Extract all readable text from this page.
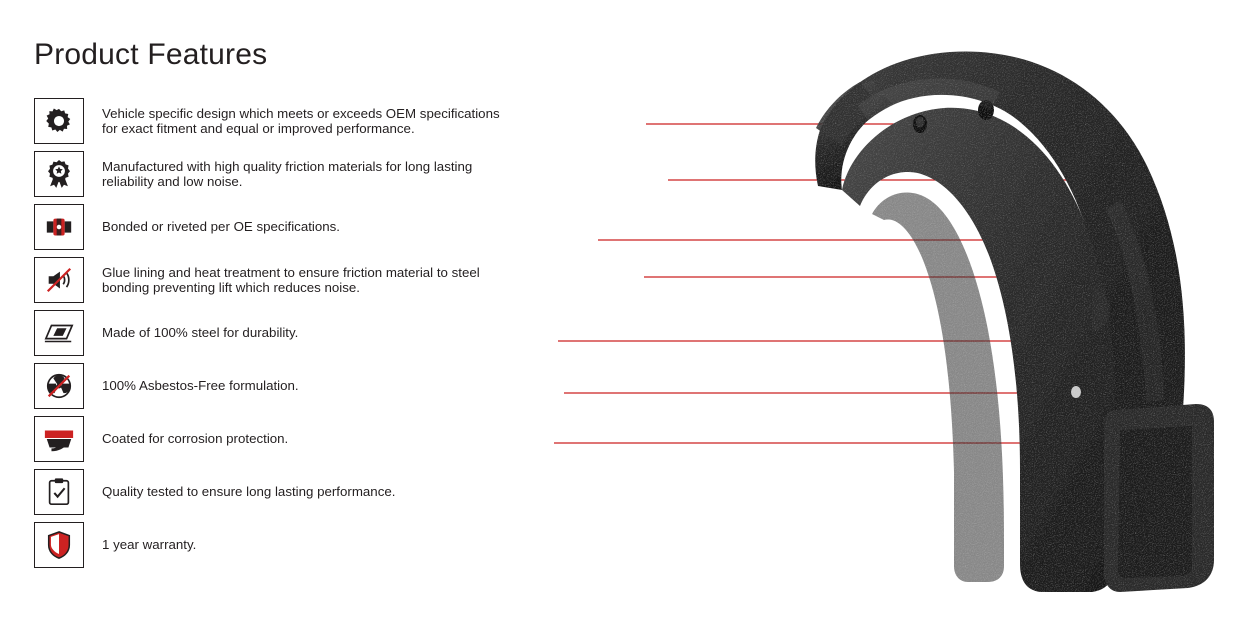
Product Features
Vehicle specific design which meets or exceeds OEM specifications for exact fitment and equal or improved performance.
Manufactured with high quality friction materials for long lasting reliability and low noise.
Bonded or riveted per OE specifications.
Glue lining and heat treatment to ensure friction material to steel bonding preventing lift which reduces noise.
Made of 100% steel for durability.
100% Asbestos-Free formulation.
Coated for corrosion protection.
Quality tested to ensure long lasting performance.
1 year warranty.
